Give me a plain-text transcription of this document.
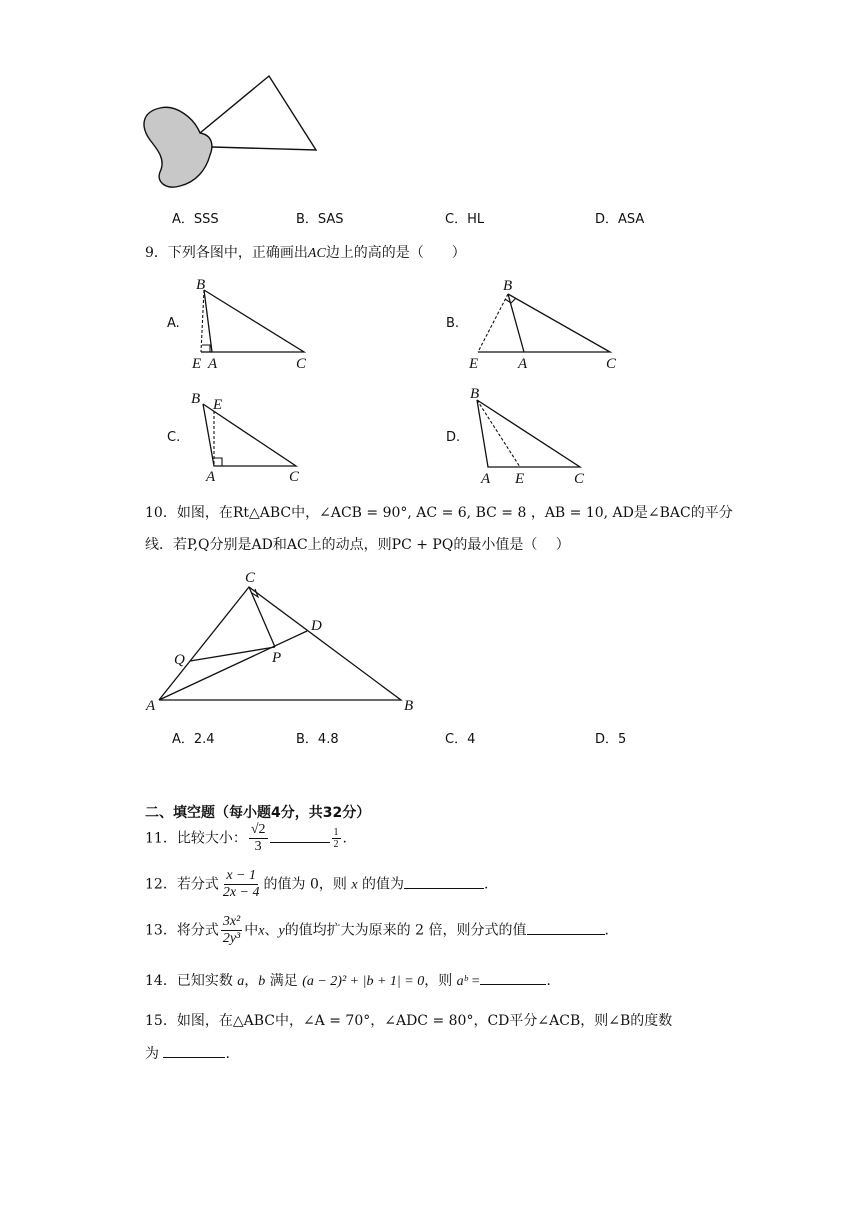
A．SSS	B．SAS	C．HL	D．ASA
9．下列各图中，正确画出AC边上的高的是（　　）
A.	B.
C.	D.
B
E A	C
B
E	A	C
B E
A	C
B
A E	C
10．如图，在Rt△ABC中，∠ACB = 90°, AC = 6, BC = 8 ，AB = 10, AD是∠BAC的平分
线．若P,Q分别是AD和AC上的动点，则PC + PQ的最小值是（　 ）
C
D
Q	P
A	B
A．2.4	B．4.8	C．4	D．5
二、填空题（每小题4分，共32分）
11．比较大小： $\frac{√2}{3}$	$\frac{1}{2}$ .
12．若分式 $\frac{x - 1}{2x - 4}$ 的值为 0，则 x 的值为	.
13．将分式 $\frac{\text{3x²}}{\text{2y³}}$ 中x、y的值均扩大为原来的 2 倍，则分式的值	.
14．已知实数 a，b 满足 (a − 2)² + |b + 1| = 0，则 aᵇ =	.
15．如图，在△ABC中，∠A = 70°，∠ADC = 80°，CD平分∠ACB，则∠B的度数
为	.
